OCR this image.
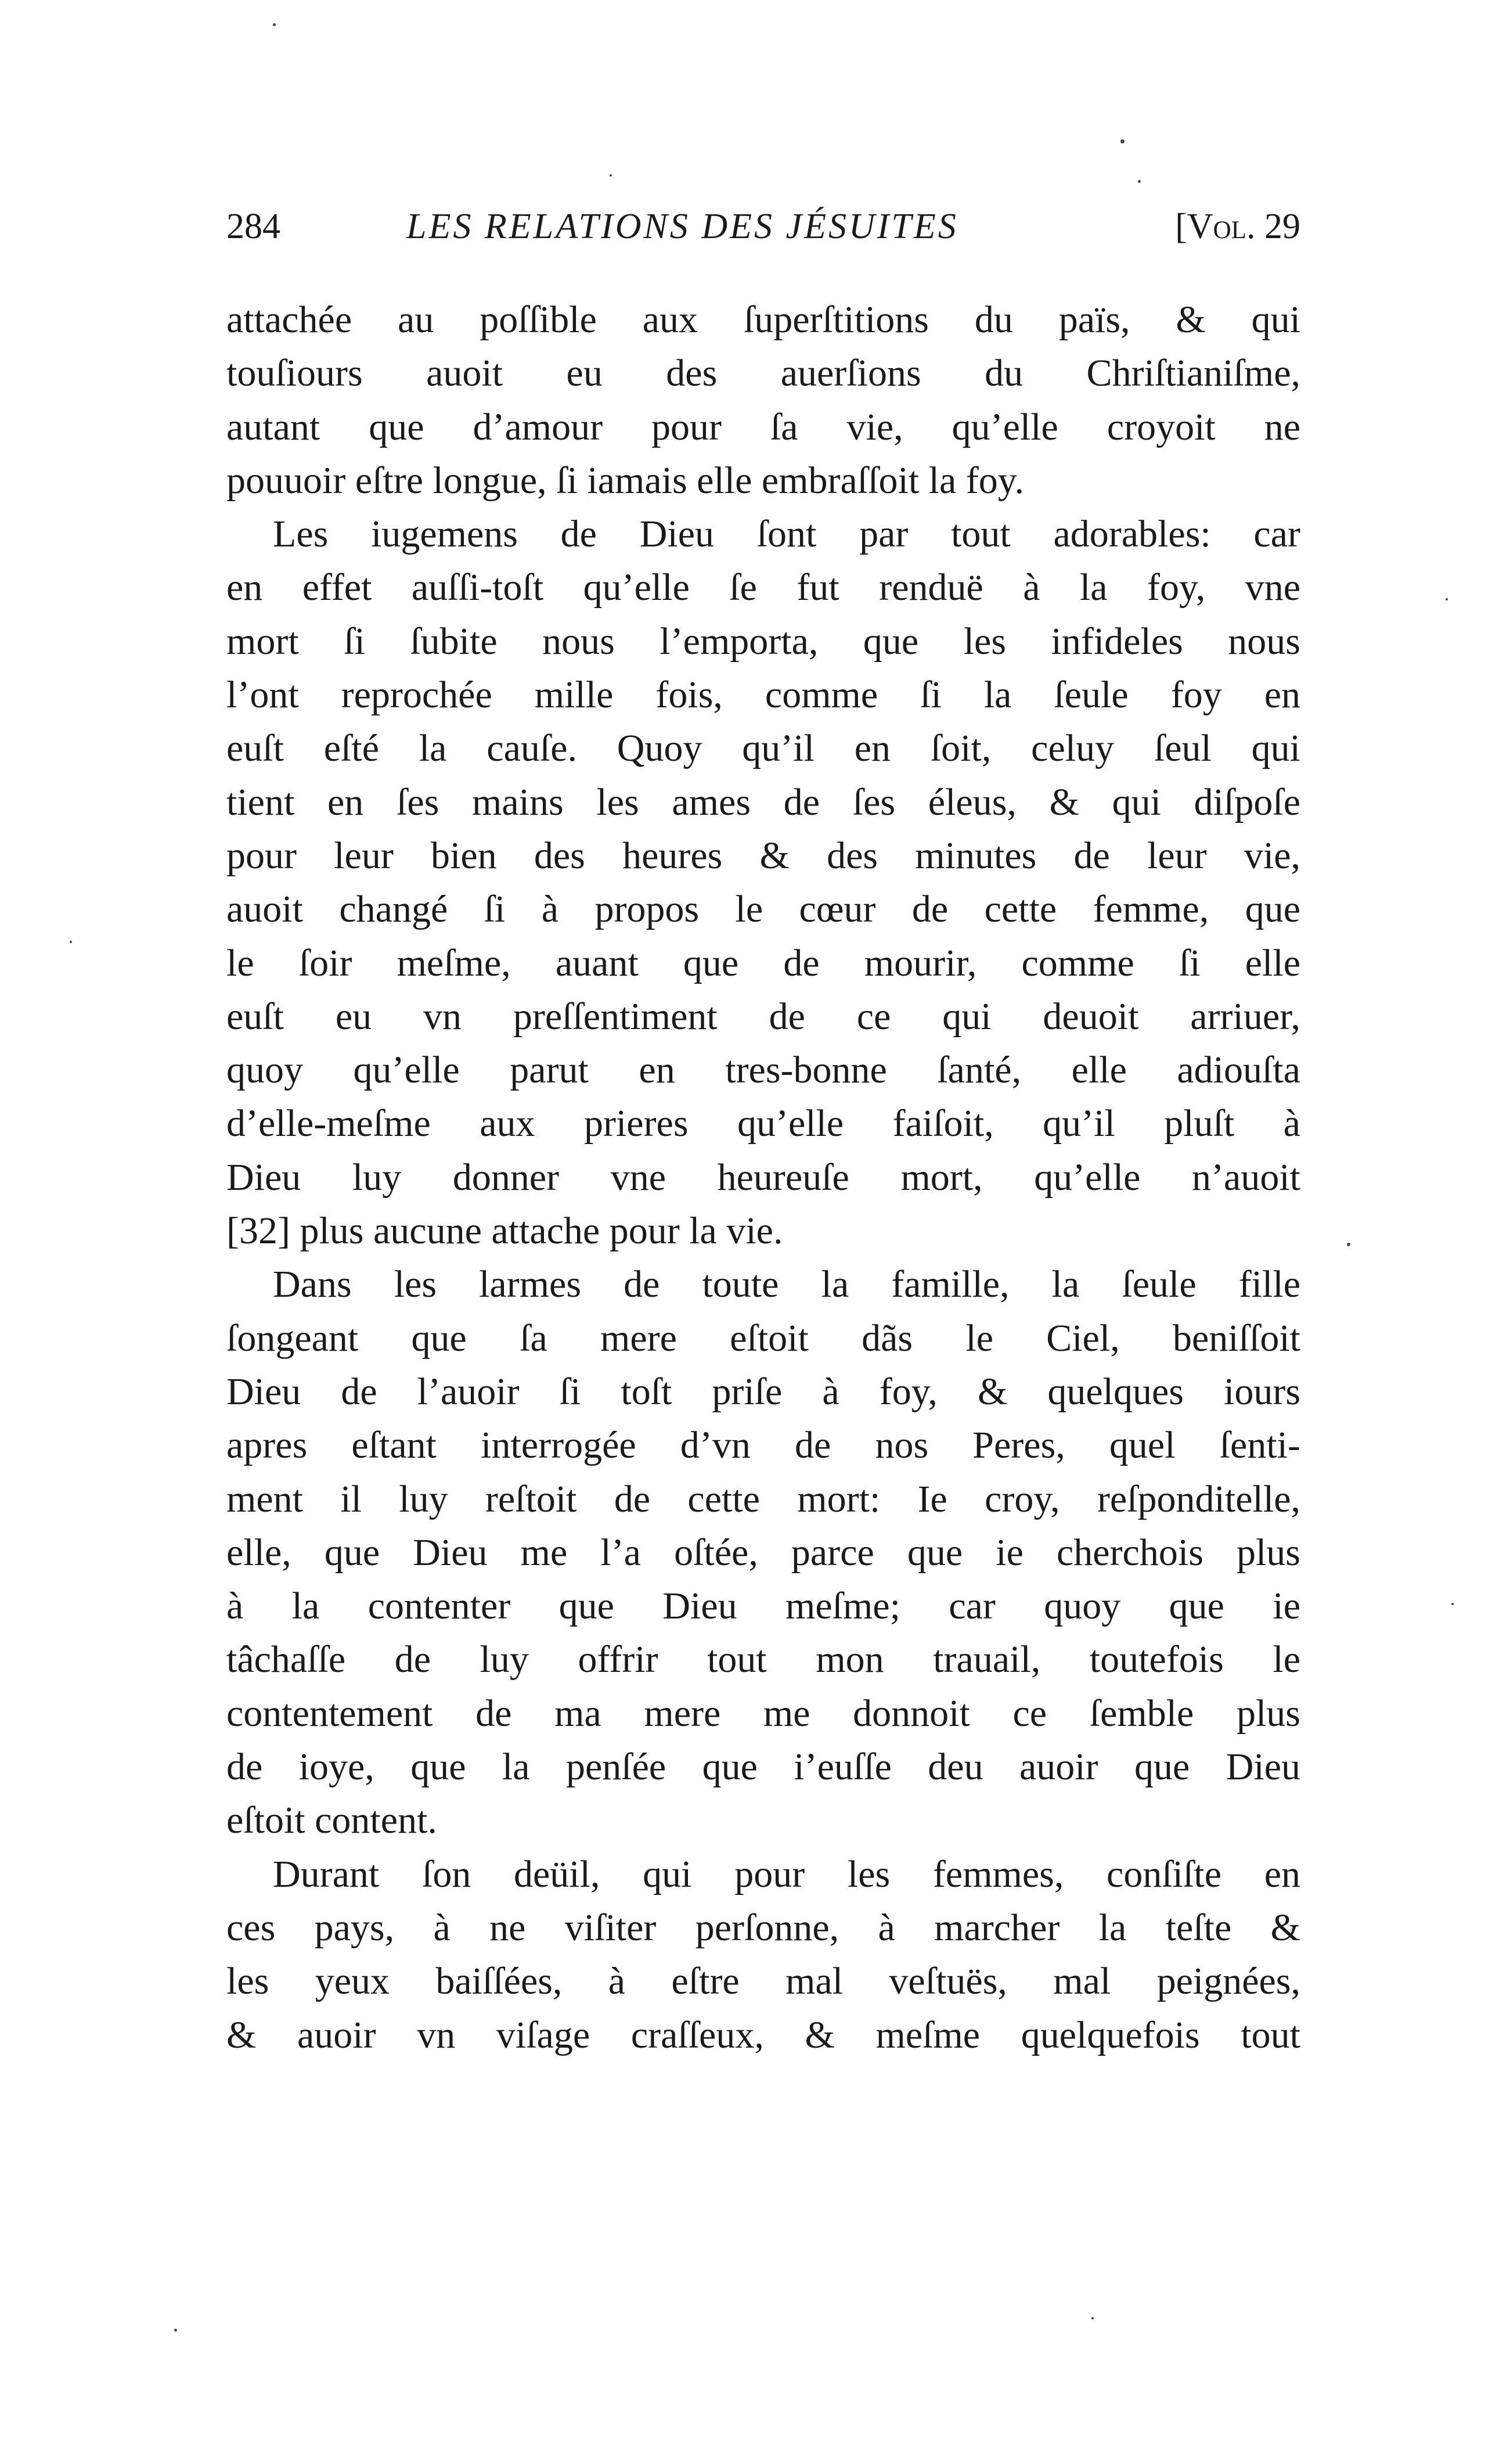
284	LES RELATIONS DES JÉSUITES	[Vol. 29
attachée au poſſible aux ſuperſtitions du païs, & qui
touſiours auoit eu des auerſions du Chriſtianiſme,
autant que d’amour pour ſa vie, qu’elle croyoit ne
pouuoir eſtre longue, ſi iamais elle embraſſoit la foy.
Les iugemens de Dieu ſont par tout adorables: car
en effet auſſi-toſt qu’elle ſe fut renduë à la foy, vne
mort ſi ſubite nous l’emporta, que les infideles nous
l’ont reprochée mille fois, comme ſi la ſeule foy en
euſt eſté la cauſe. Quoy qu’il en ſoit, celuy ſeul qui
tient en ſes mains les ames de ſes éleus, & qui diſpoſe
pour leur bien des heures & des minutes de leur vie,
auoit changé ſi à propos le cœur de cette femme, que
le ſoir meſme, auant que de mourir, comme ſi elle
euſt eu vn preſſentiment de ce qui deuoit arriuer,
quoy qu’elle parut en tres-bonne ſanté, elle adiouſta
d’elle-meſme aux prieres qu’elle faiſoit, qu’il pluſt à
Dieu luy donner vne heureuſe mort, qu’elle n’auoit
[32] plus aucune attache pour la vie.
Dans les larmes de toute la famille, la ſeule fille
ſongeant que ſa mere eſtoit dãs le Ciel, beniſſoit
Dieu de l’auoir ſi toſt priſe à foy, & quelques iours
apres eſtant interrogée d’vn de nos Peres, quel ſenti-
ment il luy reſtoit de cette mort: Ie croy, reſponditelle,
elle, que Dieu me l’a oſtée, parce que ie cherchois plus
à la contenter que Dieu meſme; car quoy que ie
tâchaſſe de luy offrir tout mon trauail, toutefois le
contentement de ma mere me donnoit ce ſemble plus
de ioye, que la penſée que i’euſſe deu auoir que Dieu
eſtoit content.
Durant ſon deüil, qui pour les femmes, conſiſte en
ces pays, à ne viſiter perſonne, à marcher la teſte &
les yeux baiſſées, à eſtre mal veſtuës, mal peignées,
& auoir vn viſage craſſeux, & meſme quelquefois tout
